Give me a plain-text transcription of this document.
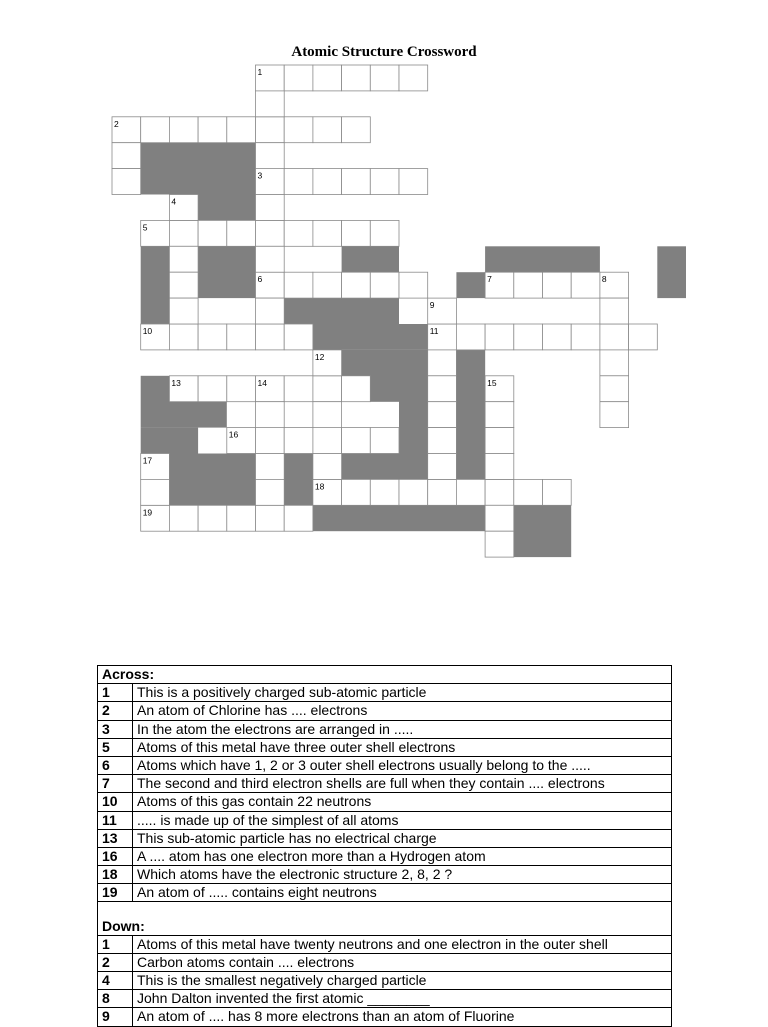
Atomic Structure Crossword
1
2
3
4
5
6	7	8
9
10	11
12
13	14	15
16
17
18
19
Across:	
1	This is a positively charged sub-atomic particle
2	An atom of Chlorine has .... electrons
3	In the atom the electrons are arranged in .....
5	Atoms of this metal have three outer shell electrons
6	Atoms which have 1, 2 or 3 outer shell electrons usually belong to the .....
7	The second and third electron shells are full when they contain .... electrons
10	Atoms of this gas contain 22 neutrons
11	..... is made up of the simplest of all atoms
13	This sub-atomic particle has no electrical charge
16	A .... atom has one electron more than a Hydrogen atom
18	Which atoms have the electronic structure 2, 8, 2 ?
19	An atom of ..... contains eight neutrons

Down:	
1	Atoms of this metal have twenty neutrons and one electron in the outer shell
2	Carbon atoms contain .... electrons
4	This is the smallest negatively charged particle
8	John Dalton invented the first atomic ________
9	An atom of .... has 8 more electrons than an atom of Fluorine
